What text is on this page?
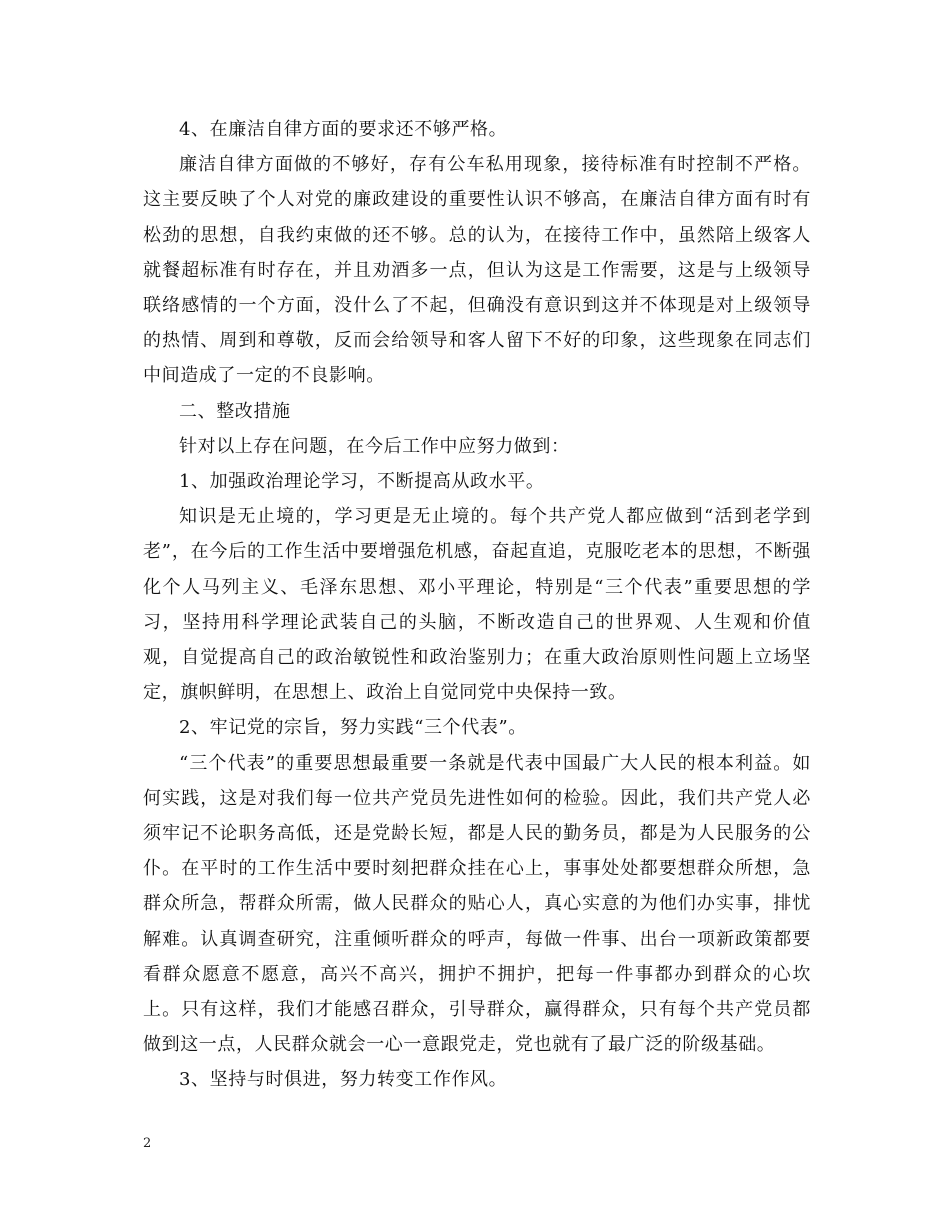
4、在廉洁自律方面的要求还不够严格。

廉洁自律方面做的不够好，存有公车私用现象，接待标准有时控制不严格。这主要反映了个人对党的廉政建设的重要性认识不够高，在廉洁自律方面有时有松劲的思想，自我约束做的还不够。总的认为，在接待工作中，虽然陪上级客人就餐超标准有时存在，并且劝酒多一点，但认为这是工作需要，这是与上级领导联络感情的一个方面，没什么了不起，但确没有意识到这并不体现是对上级领导的热情、周到和尊敬，反而会给领导和客人留下不好的印象，这些现象在同志们中间造成了一定的不良影响。

二、整改措施

针对以上存在问题，在今后工作中应努力做到：

1、加强政治理论学习，不断提高从政水平。

知识是无止境的，学习更是无止境的。每个共产党人都应做到“活到老学到老”，在今后的工作生活中要增强危机感，奋起直追，克服吃老本的思想，不断强化个人马列主义、毛泽东思想、邓小平理论，特别是“三个代表”重要思想的学习，坚持用科学理论武装自己的头脑，不断改造自己的世界观、人生观和价值观，自觉提高自己的政治敏锐性和政治鉴别力；在重大政治原则性问题上立场坚定，旗帜鲜明，在思想上、政治上自觉同党中央保持一致。

2、牢记党的宗旨，努力实践“三个代表”。

“三个代表”的重要思想最重要一条就是代表中国最广大人民的根本利益。如何实践，这是对我们每一位共产党员先进性如何的检验。因此，我们共产党人必须牢记不论职务高低，还是党龄长短，都是人民的勤务员，都是为人民服务的公仆。在平时的工作生活中要时刻把群众挂在心上，事事处处都要想群众所想，急群众所急，帮群众所需，做人民群众的贴心人，真心实意的为他们办实事，排忧解难。认真调查研究，注重倾听群众的呼声，每做一件事、出台一项新政策都要看群众愿意不愿意，高兴不高兴，拥护不拥护，把每一件事都办到群众的心坎上。只有这样，我们才能感召群众，引导群众，赢得群众，只有每个共产党员都做到这一点，人民群众就会一心一意跟党走，党也就有了最广泛的阶级基础。

3、坚持与时俱进，努力转变工作作风。

2
